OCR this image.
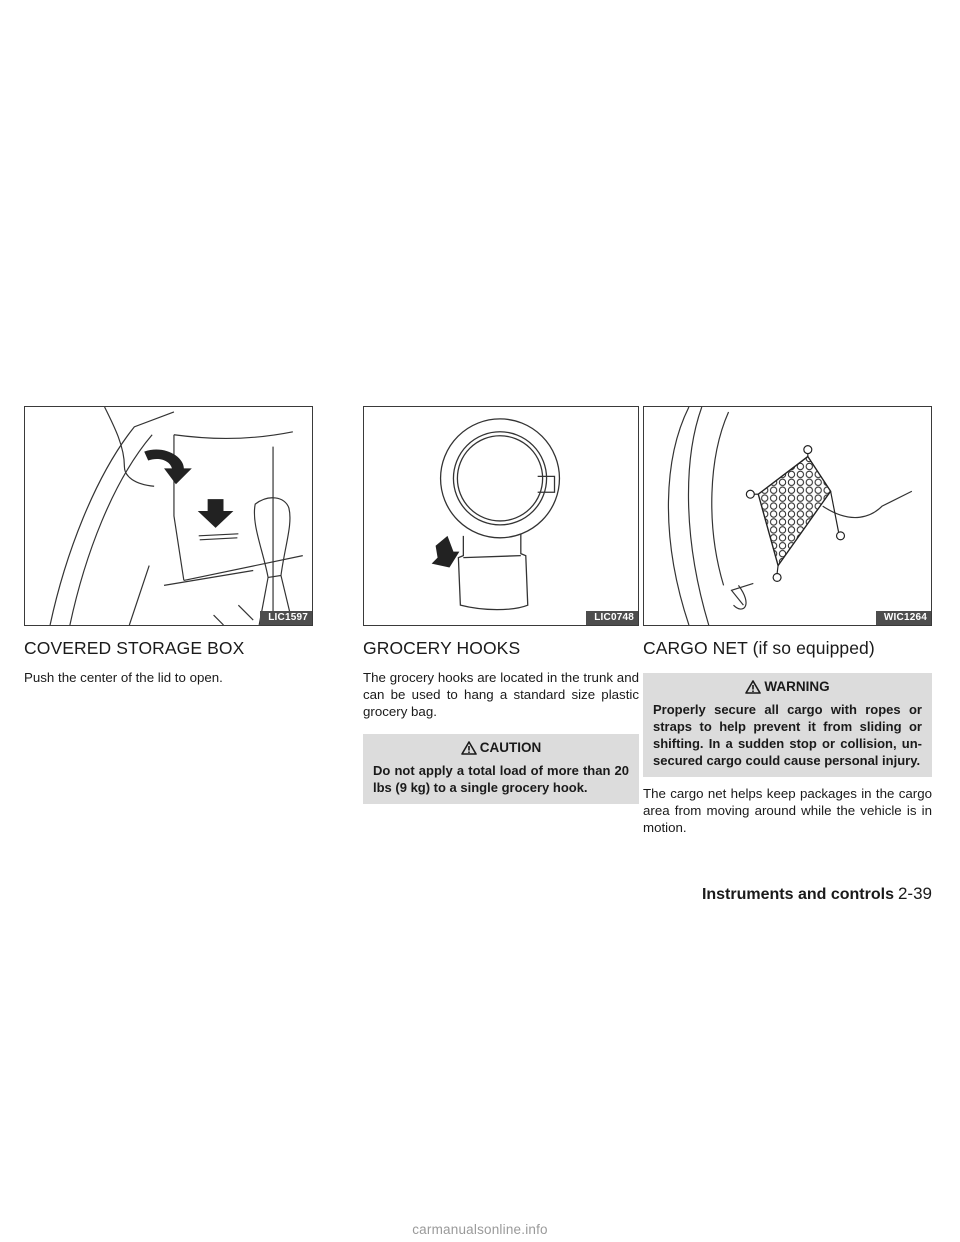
LIC1597
COVERED STORAGE BOX

Push the center of the lid to open.

LIC0748
GROCERY HOOKS

The grocery hooks are located in the trunk and can be used to hang a standard size plastic grocery bag.

CAUTION
Do not apply a total load of more than 20 lbs (9 kg) to a single grocery hook.
WIC1264
CARGO NET (if so equipped)
WARNING
Properly secure all cargo with ropes or straps to help prevent it from sliding or shifting. In a sudden stop or collision, un-secured cargo could cause personal injury.

The cargo net helps keep packages in the cargo area from moving around while the vehicle is in motion.

Instruments and controls 2-39
carmanualsonline.info
